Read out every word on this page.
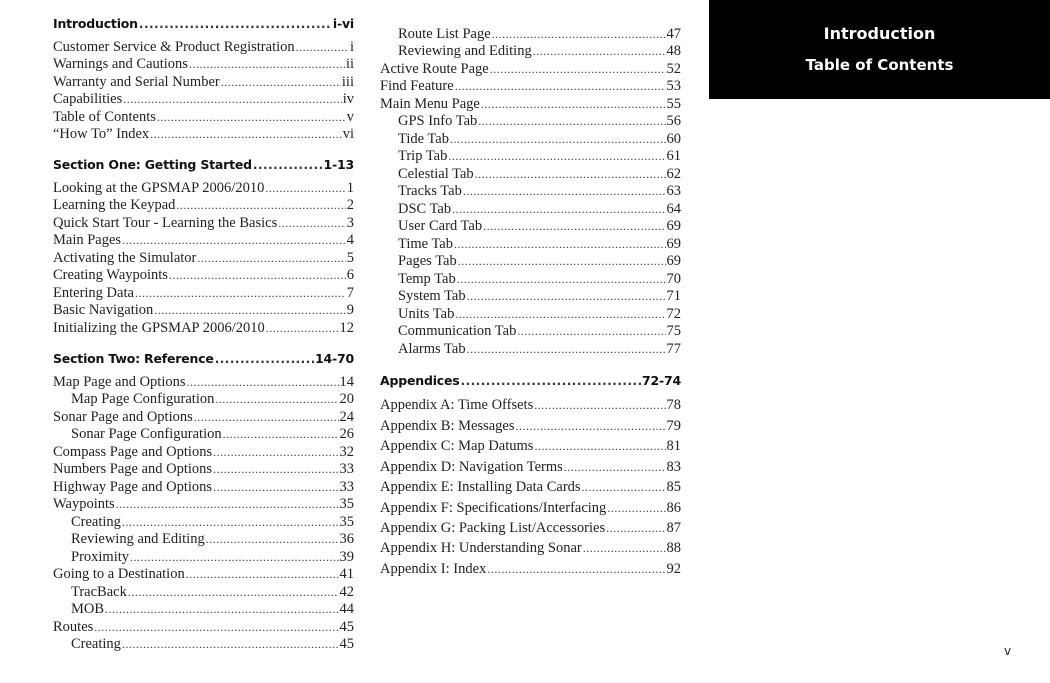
Introduction .....	i-vi
Customer Service & Product Registration .....	i
Warnings and Cautions .....	ii
Warranty and Serial Number .....	iii
Capabilities .....	iv
Table of Contents .....	v
“How To” Index .....	vi
Section One: Getting Started .....	1-13
Looking at the GPSMAP 2006/2010 .....	1
Learning the Keypad .....	2
Quick Start Tour - Learning the Basics .....	3
Main Pages .....	4
Activating the Simulator .....	5
Creating Waypoints .....	6
Entering Data .....	7
Basic Navigation .....	9
Initializing the GPSMAP 2006/2010 .....	12
Section Two: Reference .....	14-70
Map Page and Options .....	14
Map Page Configuration .....	20
Sonar Page and Options .....	24
Sonar Page Configuration .....	26
Compass Page and Options .....	32
Numbers Page and Options .....	33
Highway Page and Options .....	33
Waypoints .....	35
Creating .....	35
Reviewing and Editing .....	36
Proximity .....	39
Going to a Destination .....	41
TracBack .....	42
MOB .....	44
Routes .....	45
Creating .....	45
Route List Page .....	47
Reviewing and Editing .....	48
Active Route Page .....	52
Find Feature .....	53
Main Menu Page .....	55
GPS Info Tab .....	56
Tide Tab .....	60
Trip Tab .....	61
Celestial Tab .....	62
Tracks Tab .....	63
DSC Tab .....	64
User Card Tab .....	69
Time Tab .....	69
Pages Tab .....	69
Temp Tab .....	70
System Tab .....	71
Units Tab .....	72
Communication Tab .....	75
Alarms Tab .....	77
Appendices .....	72-74
Appendix A: Time Offsets .....	78
Appendix B: Messages .....	79
Appendix C: Map Datums .....	81
Appendix D: Navigation Terms .....	83
Appendix E: Installing Data Cards .....	85
Appendix F: Specifications/Interfacing .....	86
Appendix G: Packing List/Accessories .....	87
Appendix H: Understanding Sonar .....	88
Appendix I: Index .....	92
Introduction
Table of Contents
v
